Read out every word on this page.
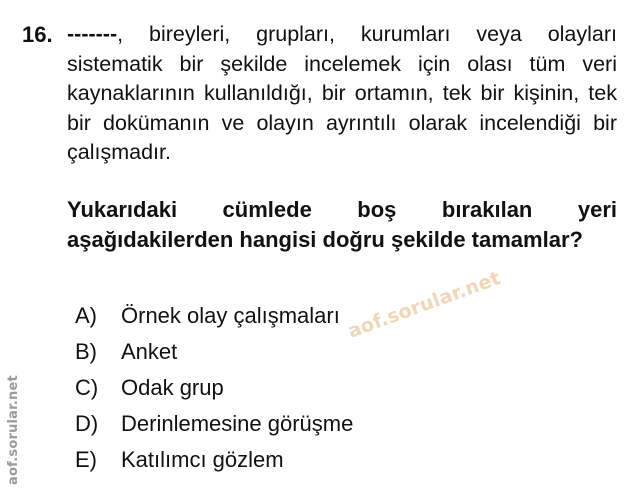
16. -------, bireyleri, grupları, kurumları veya olayları sistematik bir şekilde incelemek için olası tüm veri kaynaklarının kullanıldığı, bir ortamın, tek bir kişinin, tek bir dokümanın ve olayın ayrıntılı olarak incelendiği bir çalışmadır.
Yukarıdaki cümlede boş bırakılan yeri aşağıdakilerden hangisi doğru şekilde tamamlar?
A)	Örnek olay çalışmaları
B)	Anket
C)	Odak grup
D)	Derinlemesine görüşme
E)	Katılımcı gözlem
aof.sorular.net
aof.sorular.net
